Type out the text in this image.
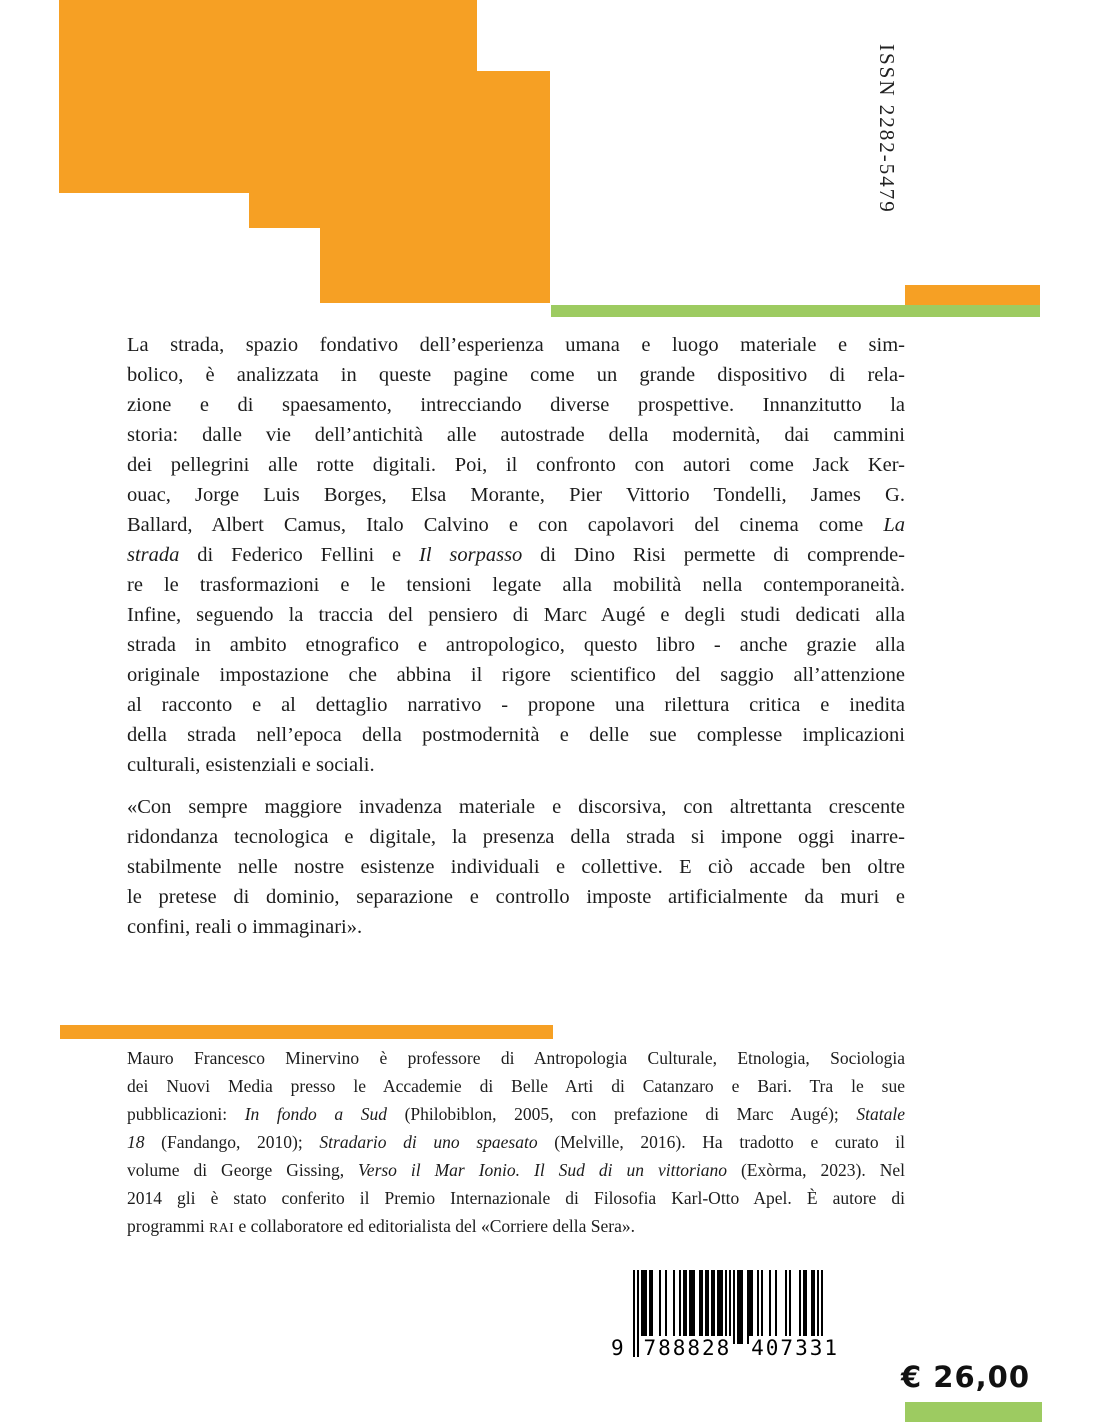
ISSN 2282-5479
La strada, spazio fondativo dell’esperienza umana e luogo materiale e sim-
bolico, è analizzata in queste pagine come un grande dispositivo di rela-
zione e di spaesamento, intrecciando diverse prospettive. Innanzitutto la
storia: dalle vie dell’antichità alle autostrade della modernità, dai cammini
dei pellegrini alle rotte digitali. Poi, il confronto con autori come Jack Ker-
ouac, Jorge Luis Borges, Elsa Morante, Pier Vittorio Tondelli, James G.
Ballard, Albert Camus, Italo Calvino e con capolavori del cinema come La
strada di Federico Fellini e Il sorpasso di Dino Risi permette di comprende-
re le trasformazioni e le tensioni legate alla mobilità nella contemporaneità.
Infine, seguendo la traccia del pensiero di Marc Augé e degli studi dedicati alla
strada in ambito etnografico e antropologico, questo libro - anche grazie alla
originale impostazione che abbina il rigore scientifico del saggio all’attenzione
al racconto e al dettaglio narrativo - propone una rilettura critica e inedita
della strada nell’epoca della postmodernità e delle sue complesse implicazioni
culturali, esistenziali e sociali.
«Con sempre maggiore invadenza materiale e discorsiva, con altrettanta crescente
ridondanza tecnologica e digitale, la presenza della strada si impone oggi inarre-
stabilmente nelle nostre esistenze individuali e collettive. E ciò accade ben oltre
le pretese di dominio, separazione e controllo imposte artificialmente da muri e
confini, reali o immaginari».
Mauro Francesco Minervino è professore di Antropologia Culturale, Etnologia, Sociologia
dei Nuovi Media presso le Accademie di Belle Arti di Catanzaro e Bari. Tra le sue
pubblicazioni: In fondo a Sud (Philobiblon, 2005, con prefazione di Marc Augé); Statale
18 (Fandango, 2010); Stradario di uno spaesato (Melville, 2016). Ha tradotto e curato il
volume di George Gissing, Verso il Mar Ionio. Il Sud di un vittoriano (Exòrma, 2023). Nel
2014 gli è stato conferito il Premio Internazionale di Filosofia Karl-Otto Apel. È autore di
programmi RAI e collaboratore ed editorialista del «Corriere della Sera».
9 788828 407331
€ 26,00
